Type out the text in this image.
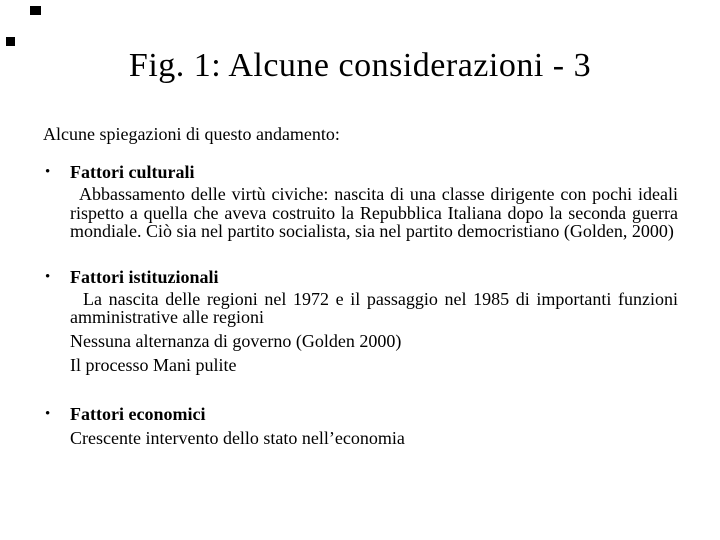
Fig. 1: Alcune considerazioni - 3

Alcune spiegazioni di questo andamento:

•	Fattori culturali

Abbassamento delle virtù civiche: nascita di una classe dirigente con pochi ideali rispetto a quella che aveva costruito la Repubblica Italiana dopo la seconda guerra mondiale. Ciò sia nel partito socialista, sia nel partito democristiano (Golden, 2000)

•	Fattori istituzionali

La nascita delle regioni nel 1972 e il passaggio nel 1985 di importanti funzioni amministrative alle regioni

Nessuna alternanza di governo (Golden 2000)

Il processo Mani pulite

•	Fattori economici

Crescente intervento dello stato nell’economia
